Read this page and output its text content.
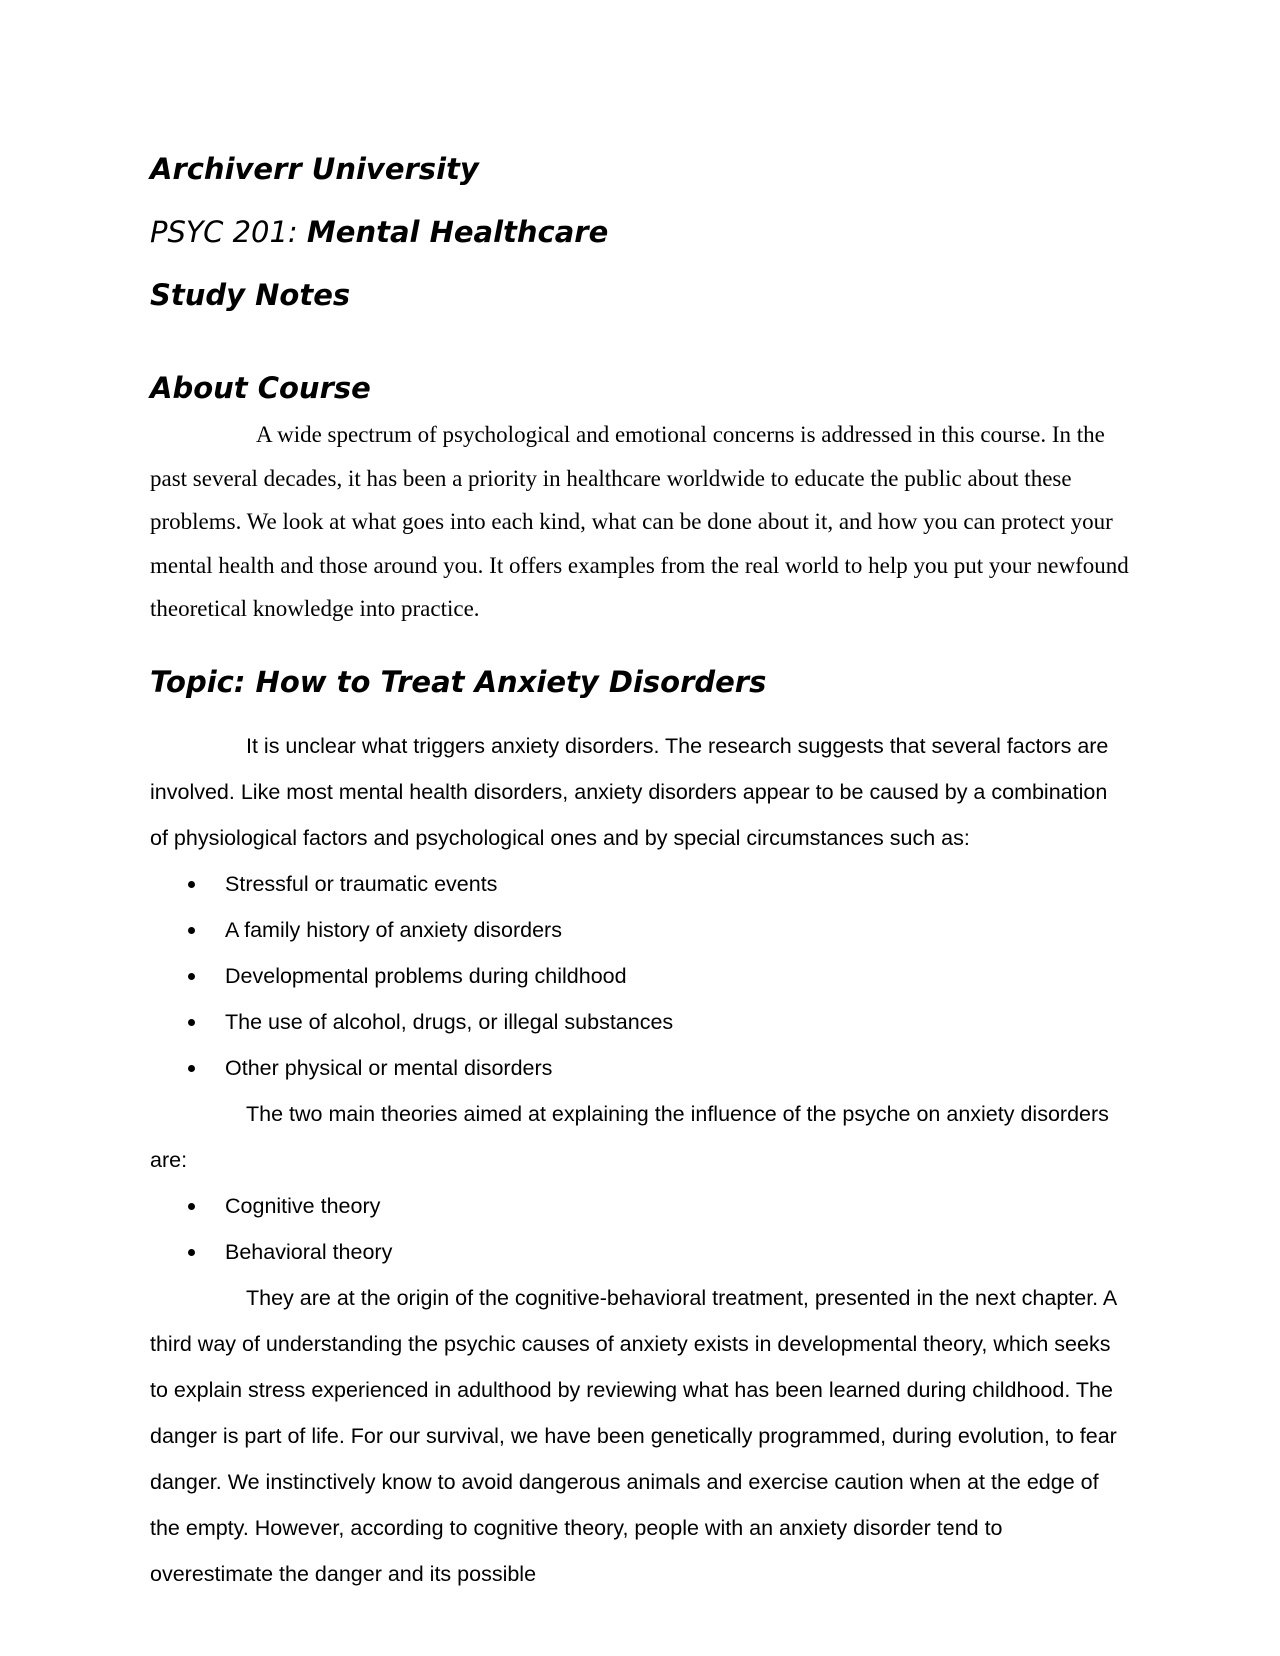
Archiverr University

PSYC 201: Mental Healthcare

Study Notes

About Course

A wide spectrum of psychological and emotional concerns is addressed in this course. In the past several decades, it has been a priority in healthcare worldwide to educate the public about these problems. We look at what goes into each kind, what can be done about it, and how you can protect your mental health and those around you. It offers examples from the real world to help you put your newfound theoretical knowledge into practice.

Topic: How to Treat Anxiety Disorders

It is unclear what triggers anxiety disorders. The research suggests that several factors are involved. Like most mental health disorders, anxiety disorders appear to be caused by a combination of physiological factors and psychological ones and by special circumstances such as:

Stressful or traumatic events
A family history of anxiety disorders
Developmental problems during childhood
The use of alcohol, drugs, or illegal substances
Other physical or mental disorders

The two main theories aimed at explaining the influence of the psyche on anxiety disorders are:

Cognitive theory
Behavioral theory

They are at the origin of the cognitive-behavioral treatment, presented in the next chapter. A third way of understanding the psychic causes of anxiety exists in developmental theory, which seeks to explain stress experienced in adulthood by reviewing what has been learned during childhood. The danger is part of life. For our survival, we have been genetically programmed, during evolution, to fear danger. We instinctively know to avoid dangerous animals and exercise caution when at the edge of the empty. However, according to cognitive theory, people with an anxiety disorder tend to overestimate the danger and its possible
